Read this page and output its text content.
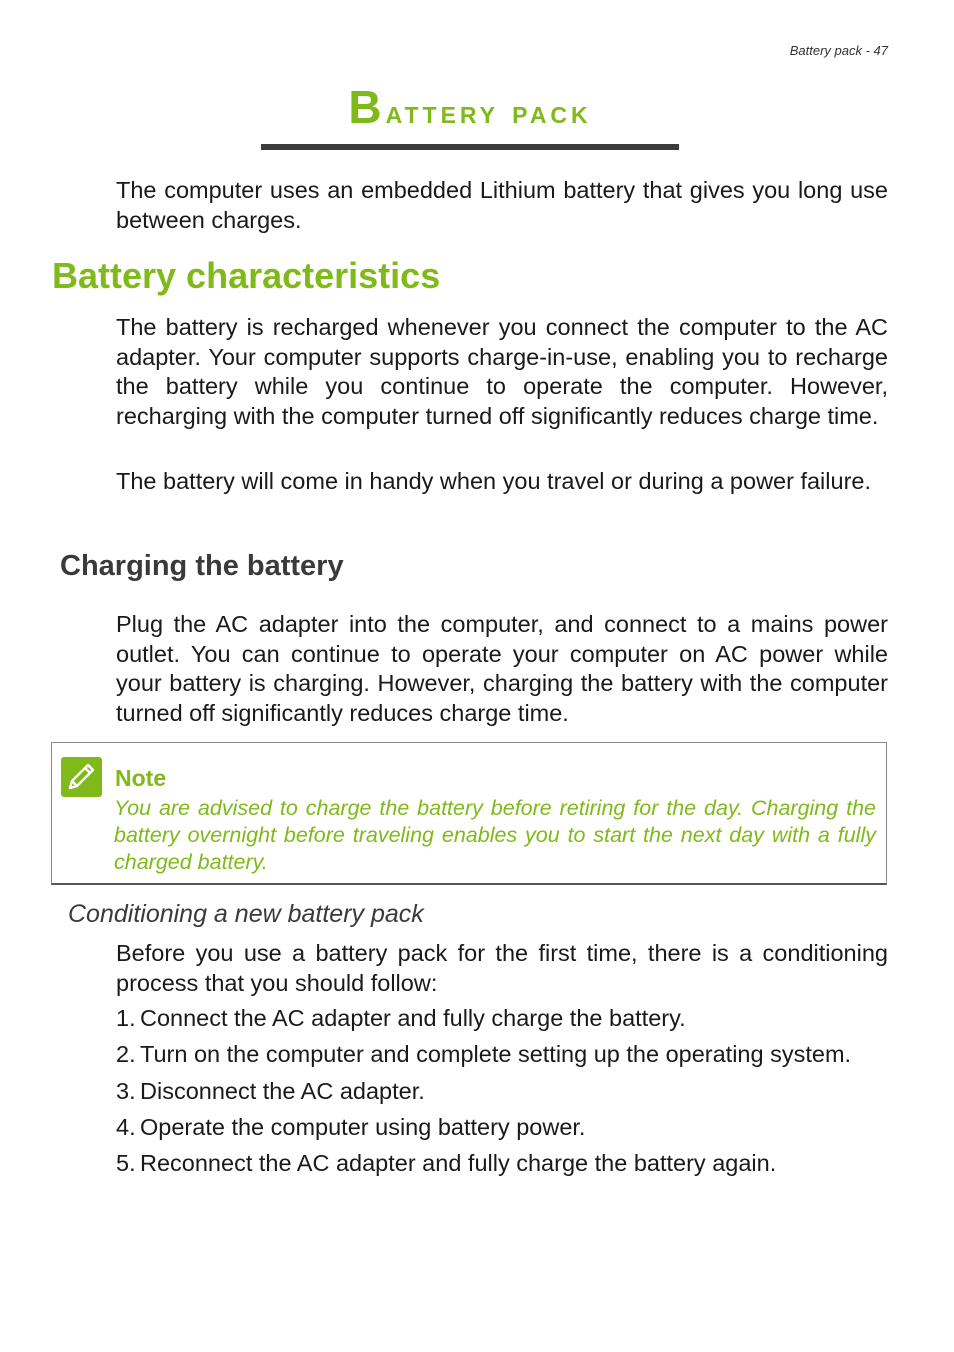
Battery pack - 47
Battery pack

The computer uses an embedded Lithium battery that gives you long use between charges.

Battery characteristics

The battery is recharged whenever you connect the computer to the AC adapter. Your computer supports charge-in-use, enabling you to recharge the battery while you continue to operate the computer. However, recharging with the computer turned off significantly reduces charge time.

The battery will come in handy when you travel or during a power failure.

Charging the battery

Plug the AC adapter into the computer, and connect to a mains power outlet. You can continue to operate your computer on AC power while your battery is charging. However, charging the battery with the computer turned off significantly reduces charge time.

Note

You are advised to charge the battery before retiring for the day. Charging the battery overnight before traveling enables you to start the next day with a fully charged battery.

Conditioning a new battery pack

Before you use a battery pack for the first time, there is a conditioning process that you should follow:

1. Connect the AC adapter and fully charge the battery.
2. Turn on the computer and complete setting up the operating system.
3. Disconnect the AC adapter.
4. Operate the computer using battery power.
5. Reconnect the AC adapter and fully charge the battery again.
